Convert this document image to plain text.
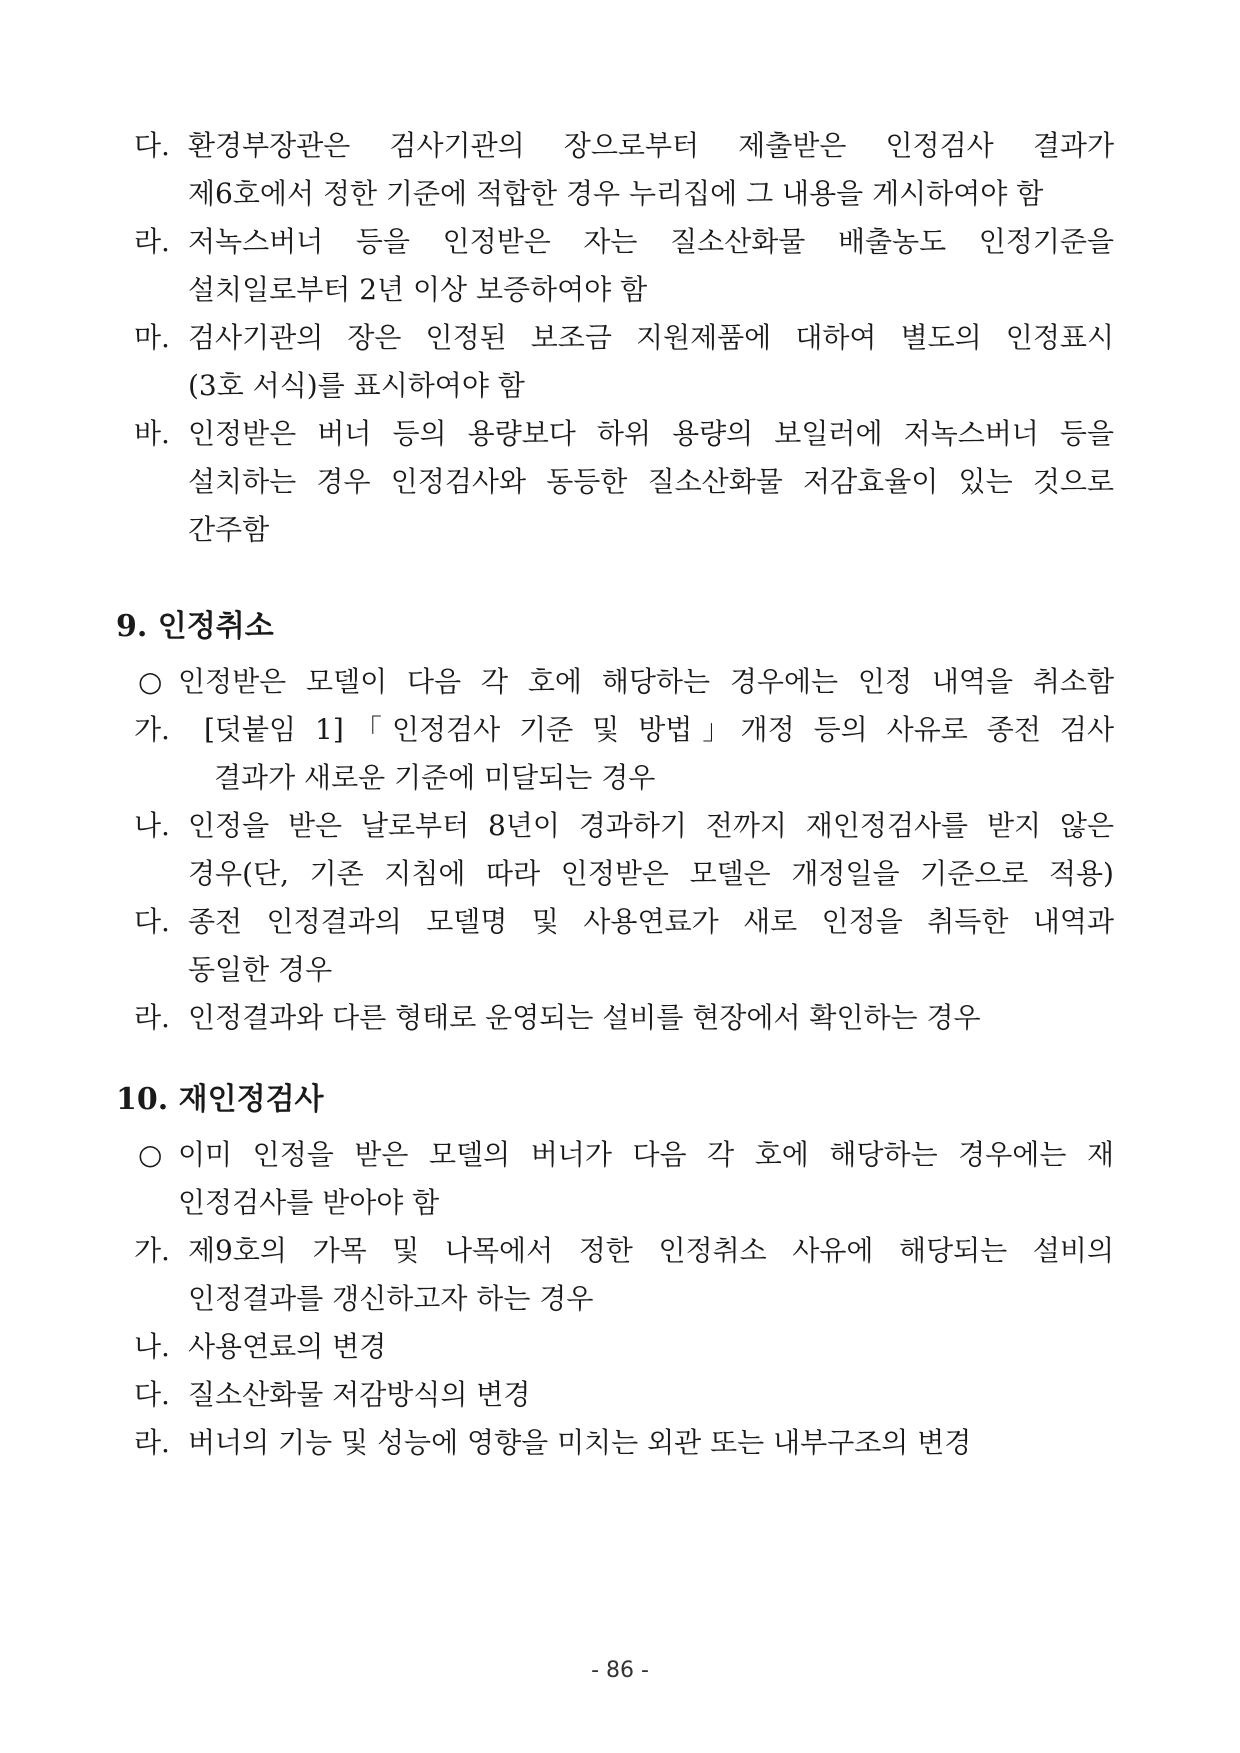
다. 환경부장관은 검사기관의 장으로부터 제출받은 인정검사 결과가
제6호에서 정한 기준에 적합한 경우 누리집에 그 내용을 게시하여야 함
라. 저녹스버너 등을 인정받은 자는 질소산화물 배출농도 인정기준을
설치일로부터 2년 이상 보증하여야 함
마. 검사기관의 장은 인정된 보조금 지원제품에 대하여 별도의 인정표시
(3호 서식)를 표시하여야 함
바. 인정받은 버너 등의 용량보다 하위 용량의 보일러에 저녹스버너 등을
설치하는 경우 인정검사와 동등한 질소산화물 저감효율이 있는 것으로
간주함
9. 인정취소
○ 인정받은 모델이 다음 각 호에 해당하는 경우에는 인정 내역을 취소함
가. [덧붙임 1]「인정검사 기준 및 방법」개정 등의 사유로 종전 검사
결과가 새로운 기준에 미달되는 경우
나. 인정을 받은 날로부터 8년이 경과하기 전까지 재인정검사를 받지 않은
경우(단, 기존 지침에 따라 인정받은 모델은 개정일을 기준으로 적용)
다. 종전 인정결과의 모델명 및 사용연료가 새로 인정을 취득한 내역과
동일한 경우
라. 인정결과와 다른 형태로 운영되는 설비를 현장에서 확인하는 경우
10. 재인정검사
○ 이미 인정을 받은 모델의 버너가 다음 각 호에 해당하는 경우에는 재
인정검사를 받아야 함
가. 제9호의 가목 및 나목에서 정한 인정취소 사유에 해당되는 설비의
인정결과를 갱신하고자 하는 경우
나. 사용연료의 변경
다. 질소산화물 저감방식의 변경
라. 버너의 기능 및 성능에 영향을 미치는 외관 또는 내부구조의 변경
- 86 -
